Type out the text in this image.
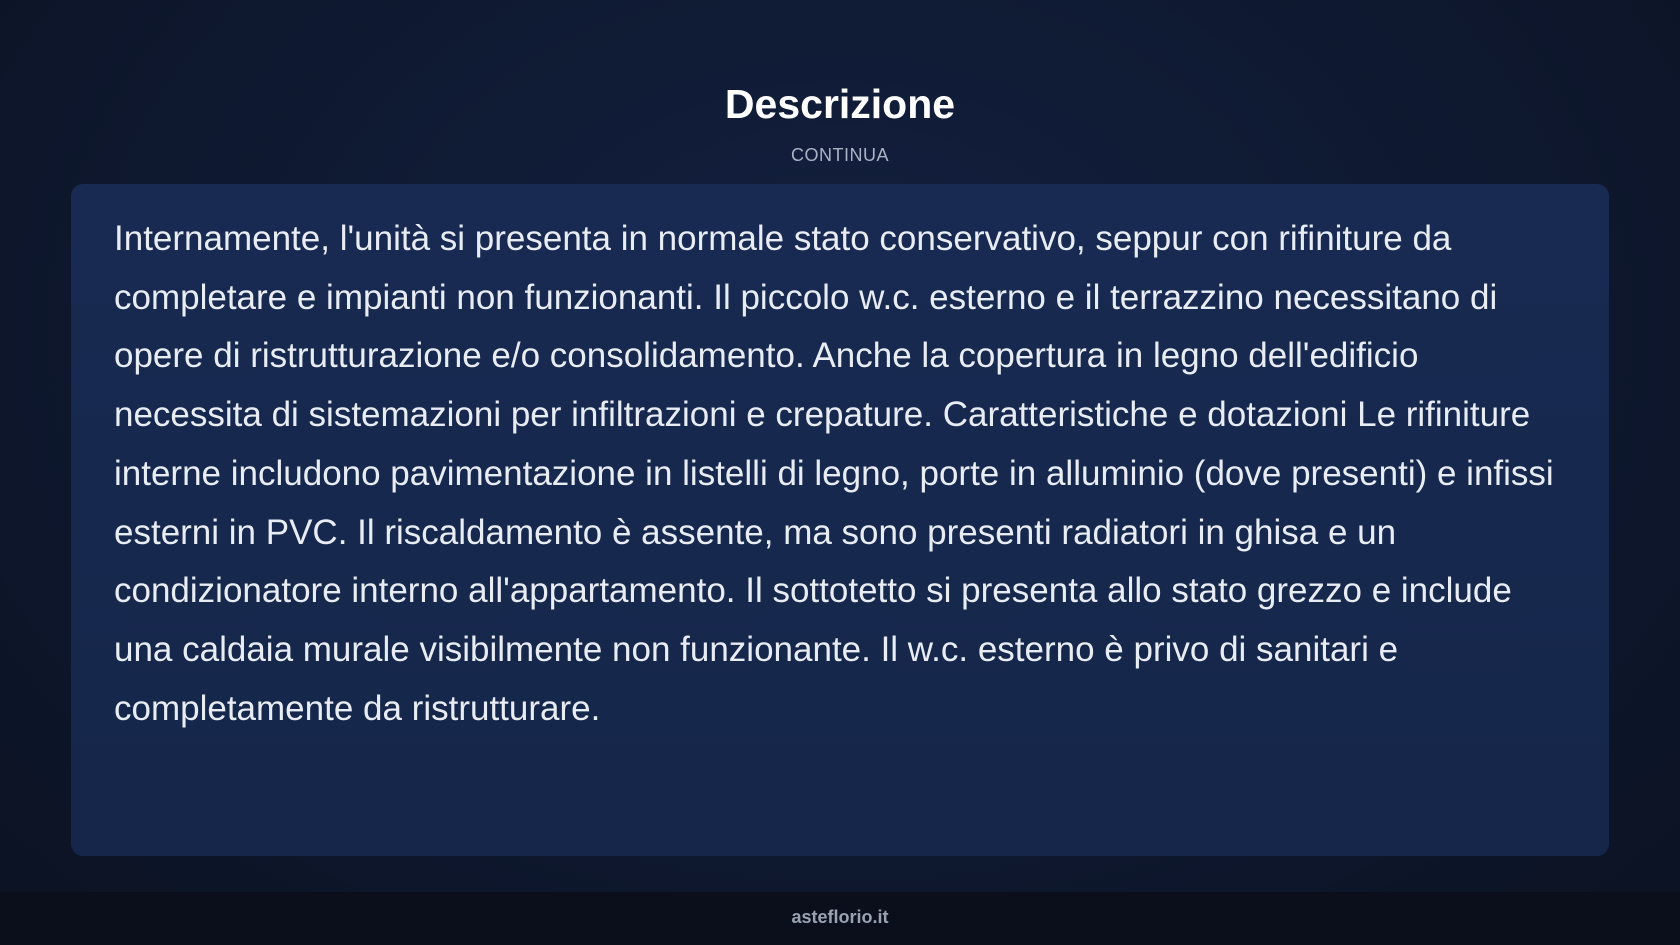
Descrizione
CONTINUA

Internamente, l'unità si presenta in normale stato conservativo, seppur con rifiniture da completare e impianti non funzionanti. Il piccolo w.c. esterno e il terrazzino necessitano di opere di ristrutturazione e/o consolidamento. Anche la copertura in legno dell'edificio necessita di sistemazioni per infiltrazioni e crepature. Caratteristiche e dotazioni Le rifiniture interne includono pavimentazione in listelli di legno, porte in alluminio (dove presenti) e infissi esterni in PVC. Il riscaldamento è assente, ma sono presenti radiatori in ghisa e un condizionatore interno all'appartamento. Il sottotetto si presenta allo stato grezzo e include una caldaia murale visibilmente non funzionante. Il w.c. esterno è privo di sanitari e completamente da ristrutturare.

asteflorio.it
